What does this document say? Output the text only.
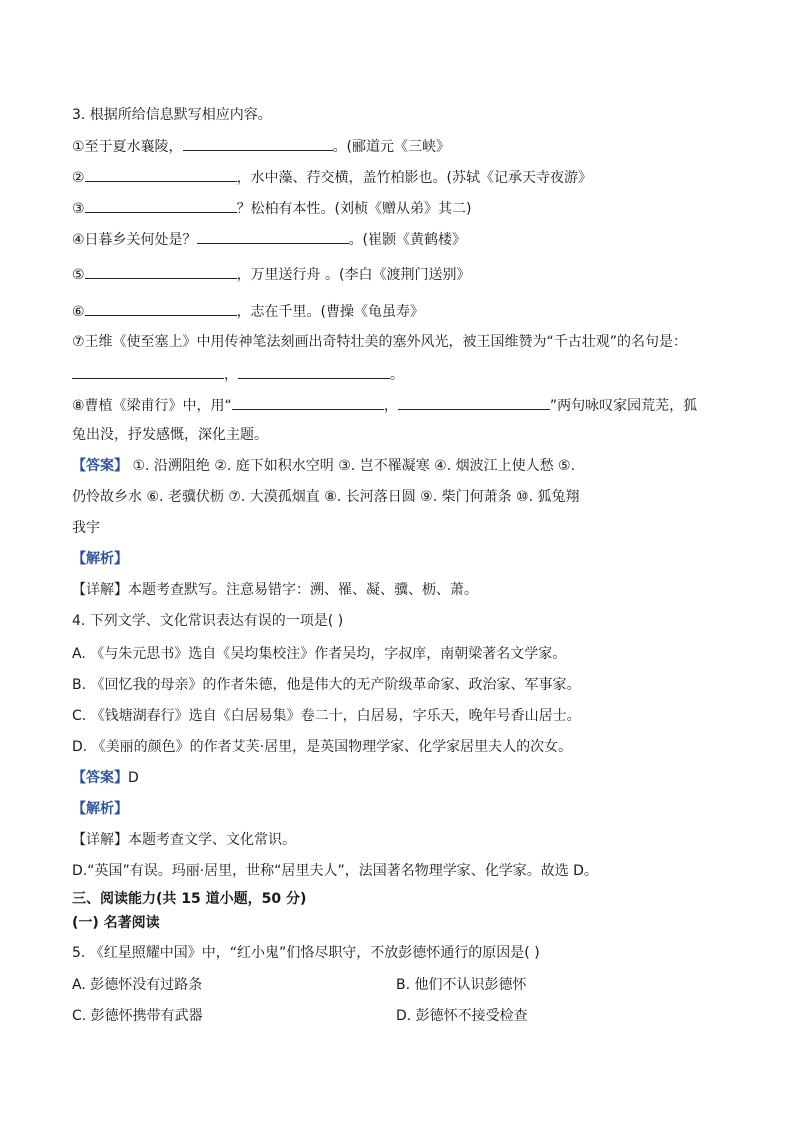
3. 根据所给信息默写相应内容。
①至于夏水襄陵，	。(郦道元《三峡》
②	，水中藻、荇交横，盖竹柏影也。(苏轼《记承天寺夜游》
③	？松柏有本性。(刘桢《赠从弟》其二)
④日暮乡关何处是？	。(崔颢《黄鹤楼》
⑤	，万里送行舟 。(李白《渡荆门送别》
⑥	，志在千里。(曹操《龟虽寿》
⑦王维《使至塞上》中用传神笔法刻画出奇特壮美的塞外风光，被王国维赞为“千古壮观”的名句是：
，	。
⑧曹植《梁甫行》中，用“	，	”两句咏叹家园荒芜，狐
兔出没，抒发感慨，深化主题。
【答案】 ①. 沿溯阻绝 ②. 庭下如积水空明 ③. 岂不罹凝寒 ④. 烟波江上使人愁 ⑤.
仍怜故乡水 ⑥. 老骥伏枥 ⑦. 大漠孤烟直 ⑧. 长河落日圆 ⑨. 柴门何萧条 ⑩. 狐兔翔
我宇
【解析】
【详解】本题考查默写。注意易错字：溯、罹、凝、骥、枥、萧。
4. 下列文学、文化常识表达有误的一项是( )
A. 《与朱元思书》选自《吴均集校注》作者吴均，字叔庠，南朝梁著名文学家。
B. 《回忆我的母亲》的作者朱德，他是伟大的无产阶级革命家、政治家、军事家。
C. 《钱塘湖春行》选自《白居易集》卷二十，白居易，字乐天，晚年号香山居士。
D. 《美丽的颜色》的作者艾芙·居里，是英国物理学家、化学家居里夫人的次女。
【答案】D
【解析】
【详解】本题考查文学、文化常识。
D.“英国”有误。玛丽·居里，世称“居里夫人”，法国著名物理学家、化学家。故选 D。
三、阅读能力(共 15 道小题，50 分)
(一) 名著阅读
5. 《红星照耀中国》中，“红小鬼”们恪尽职守，不放彭德怀通行的原因是( )
A. 彭德怀没有过路条	B. 他们不认识彭德怀
C. 彭德怀携带有武器	D. 彭德怀不接受检查
